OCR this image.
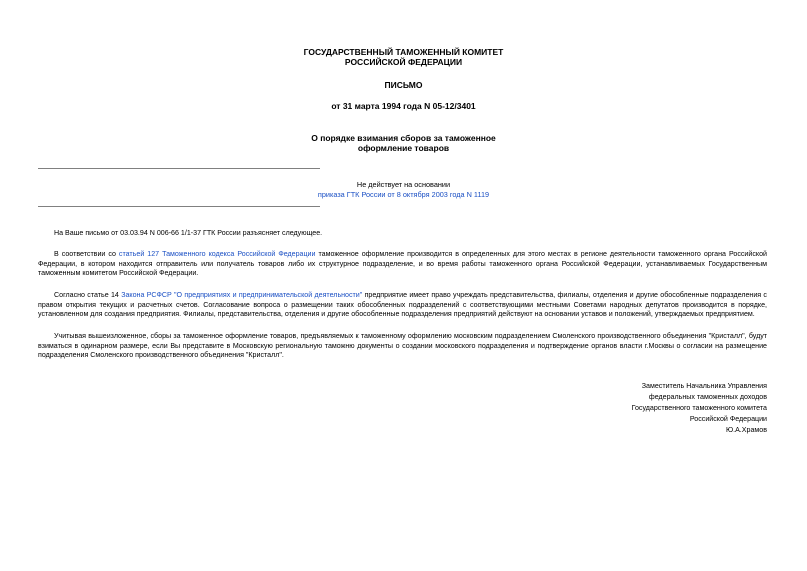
ГОСУДАРСТВЕННЫЙ ТАМОЖЕННЫЙ КОМИТЕТ
РОССИЙСКОЙ ФЕДЕРАЦИИ
ПИСЬМО
от 31 марта 1994 года N 05-12/3401
О порядке взимания сборов за таможенное
оформление товаров
Не действует на основании
приказа ГТК России от 8 октября 2003 года N 1119
На Ваше письмо от 03.03.94 N 006-66 1/1-37 ГТК России разъясняет следующее.
В соответствии со статьей 127 Таможенного кодекса Российской Федерации таможенное оформление производится в определенных для этого местах в регионе деятельности таможенного органа Российской Федерации, в котором находится отправитель или получатель товаров либо их структурное подразделение, и во время работы таможенного органа Российской Федерации, устанавливаемых Государственным таможенным комитетом Российской Федерации.
Согласно статье 14 Закона РСФСР "О предприятиях и предпринимательской деятельности" предприятие имеет право учреждать представительства, филиалы, отделения и другие обособленные подразделения с правом открытия текущих и расчетных счетов. Согласование вопроса о размещении таких обособленных подразделений с соответствующими местными Советами народных депутатов производится в порядке, установленном для создания предприятия. Филиалы, представительства, отделения и другие обособленные подразделения предприятий действуют на основании уставов и положений, утверждаемых предприятием.
Учитывая вышеизложенное, сборы за таможенное оформление товаров, предъявляемых к таможенному оформлению московским подразделением Смоленского производственного объединения "Кристалл", будут взиматься в одинарном размере, если Вы представите в Московскую региональную таможню документы о создании московского подразделения и подтверждение органов власти г.Москвы о согласии на размещение подразделения Смоленского производственного объединения "Кристалл".
Заместитель Начальника Управления
федеральных таможенных доходов
Государственного таможенного комитета
Российской Федерации
Ю.А.Храмов
